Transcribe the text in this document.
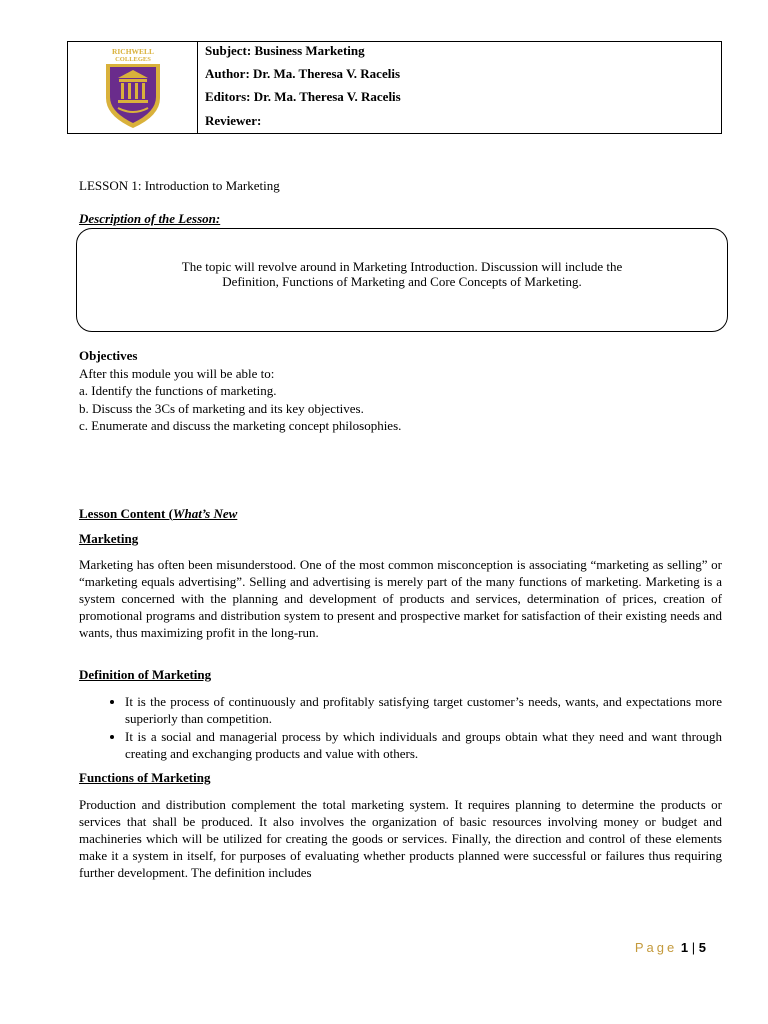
RICHWELL
COLLEGES
Subject: Business Marketing
Author: Dr. Ma. Theresa V. Racelis
Editors: Dr. Ma. Theresa V. Racelis
Reviewer:
LESSON 1: Introduction to Marketing
Description of the Lesson:

The topic will revolve around in Marketing Introduction. Discussion will include the Definition, Functions of Marketing and Core Concepts of Marketing.

Objectives
After this module you will be able to:
a. Identify the functions of marketing.
b. Discuss the 3Cs of marketing and its key objectives.
c. Enumerate and discuss the marketing concept philosophies.
Lesson Content (What’s New
Marketing
Marketing has often been misunderstood. One of the most common misconception is associating “marketing as selling” or “marketing equals advertising”. Selling and advertising is merely part of the many functions of marketing. Marketing is a system concerned with the planning and development of products and services, determination of prices, creation of promotional programs and distribution system to present and prospective market for satisfaction of their existing needs and wants, thus maximizing profit in the long-run.
Definition of Marketing
• It is the process of continuously and profitably satisfying target customer’s needs, wants, and expectations more superiorly than competition.
• It is a social and managerial process by which individuals and groups obtain what they need and want through creating and exchanging products and value with others.
Functions of Marketing
Production and distribution complement the total marketing system. It requires planning to determine the products or services that shall be produced. It also involves the organization of basic resources involving money or budget and machineries which will be utilized for creating the goods or services. Finally, the direction and control of these elements make it a system in itself, for purposes of evaluating whether products planned were successful or failures thus requiring further development. The definition includes
Page 1 | 5
